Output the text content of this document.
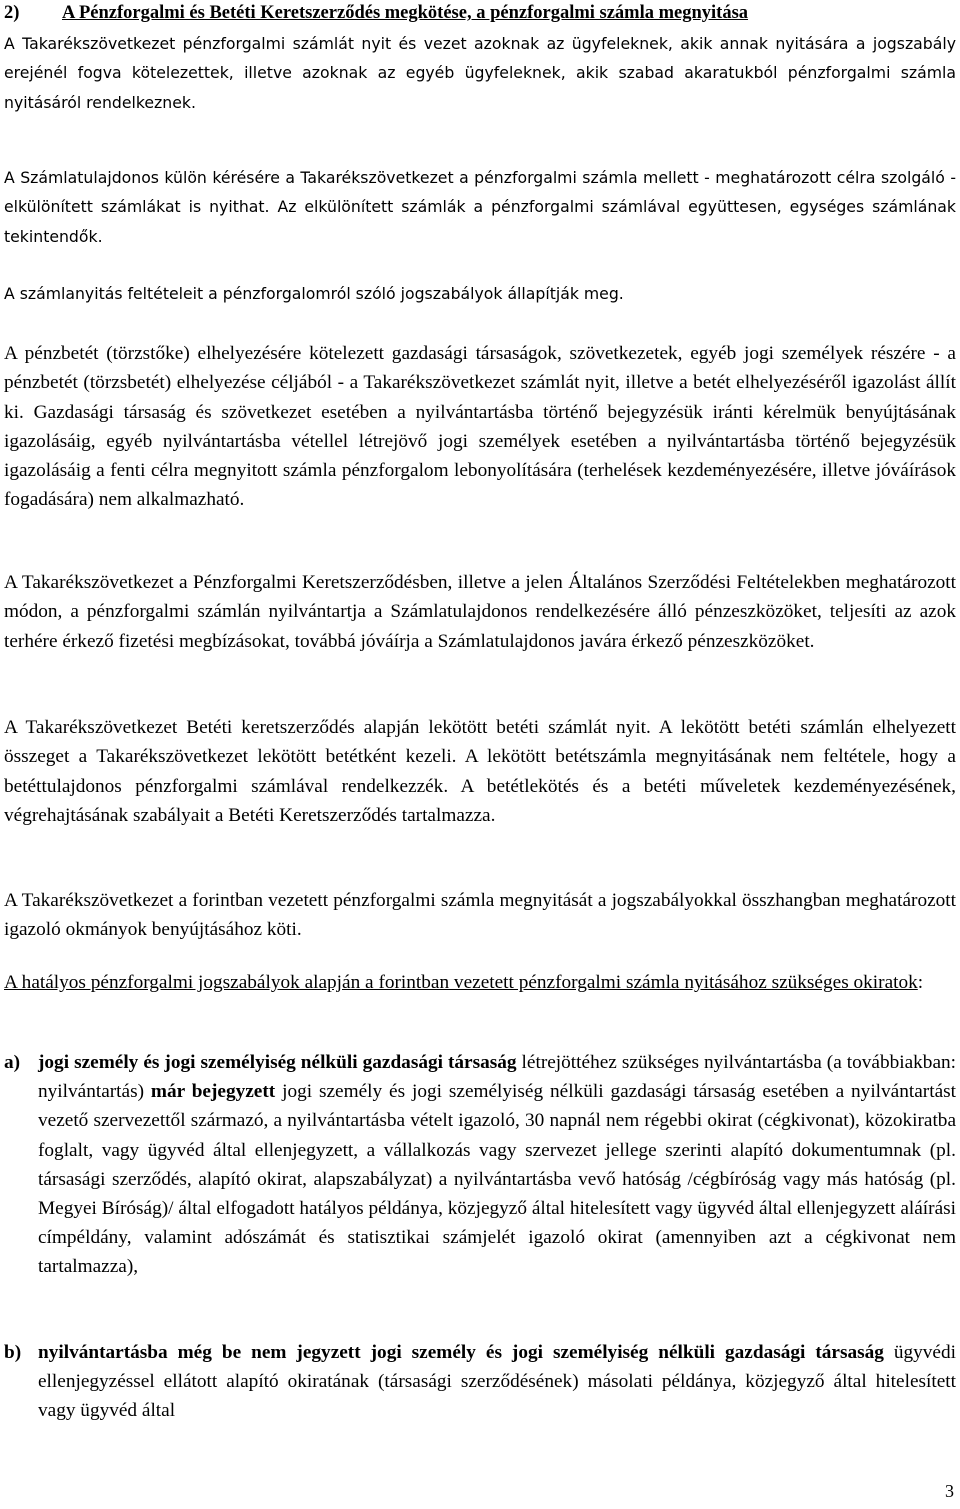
2) A Pénzforgalmi és Betéti Keretszerződés megkötése, a pénzforgalmi számla megnyitása

A Takarékszövetkezet pénzforgalmi számlát nyit és vezet azoknak az ügyfeleknek, akik annak nyitására a jogszabály erejénél fogva kötelezettek, illetve azoknak az egyéb ügyfeleknek, akik szabad akaratukból pénzforgalmi számla nyitásáról rendelkeznek.

A Számlatulajdonos külön kérésére a Takarékszövetkezet a pénzforgalmi számla mellett - meghatározott célra szolgáló - elkülönített számlákat is nyithat. Az elkülönített számlák a pénzforgalmi számlával együttesen, egységes számlának tekintendők.

A számlanyitás feltételeit a pénzforgalomról szóló jogszabályok állapítják meg.

A pénzbetét (törzstőke) elhelyezésére kötelezett gazdasági társaságok, szövetkezetek, egyéb jogi személyek részére - a pénzbetét (törzsbetét) elhelyezése céljából - a Takarékszövetkezet számlát nyit, illetve a betét elhelyezéséről igazolást állít ki. Gazdasági társaság és szövetkezet esetében a nyilvántartásba történő bejegyzésük iránti kérelmük benyújtásának igazolásáig, egyéb nyilvántartásba vétellel létrejövő jogi személyek esetében a nyilvántartásba történő bejegyzésük igazolásáig a fenti célra megnyitott számla pénzforgalom lebonyolítására (terhelések kezdeményezésére, illetve jóváírások fogadására) nem alkalmazható.

A Takarékszövetkezet a Pénzforgalmi Keretszerződésben, illetve a jelen Általános Szerződési Feltételekben meghatározott módon, a pénzforgalmi számlán nyilvántartja a Számlatulajdonos rendelkezésére álló pénzeszközöket, teljesíti az azok terhére érkező fizetési megbízásokat, továbbá jóváírja a Számlatulajdonos javára érkező pénzeszközöket.

A Takarékszövetkezet Betéti keretszerződés alapján lekötött betéti számlát nyit. A lekötött betéti számlán elhelyezett összeget a Takarékszövetkezet lekötött betétként kezeli. A lekötött betétszámla megnyitásának nem feltétele, hogy a betéttulajdonos pénzforgalmi számlával rendelkezzék. A betétlekötés és a betéti műveletek kezdeményezésének, végrehajtásának szabályait a Betéti Keretszerződés tartalmazza.

A Takarékszövetkezet a forintban vezetett pénzforgalmi számla megnyitását a jogszabályokkal összhangban meghatározott igazoló okmányok benyújtásához köti.

A hatályos pénzforgalmi jogszabályok alapján a forintban vezetett pénzforgalmi számla nyitásához szükséges okiratok:

a) jogi személy és jogi személyiség nélküli gazdasági társaság létrejöttéhez szükséges nyilvántartásba (a továbbiakban: nyilvántartás) már bejegyzett jogi személy és jogi személyiség nélküli gazdasági társaság esetében a nyilvántartást vezető szervezettől származó, a nyilvántartásba vételt igazoló, 30 napnál nem régebbi okirat (cégkivonat), közokiratba foglalt, vagy ügyvéd által ellenjegyzett, a vállalkozás vagy szervezet jellege szerinti alapító dokumentumnak (pl. társasági szerződés, alapító okirat, alapszabályzat) a nyilvántartásba vevő hatóság /cégbíróság vagy más hatóság (pl. Megyei Bíróság)/ által elfogadott hatályos példánya, közjegyző által hitelesített vagy ügyvéd által ellenjegyzett aláírási címpéldány, valamint adószámát és statisztikai számjelét igazoló okirat (amennyiben azt a cégkivonat nem tartalmazza),
b) nyilvántartásba még be nem jegyzett jogi személy és jogi személyiség nélküli gazdasági társaság ügyvédi ellenjegyzéssel ellátott alapító okiratának (társasági szerződésének) másolati példánya, közjegyző által hitelesített vagy ügyvéd által
3
